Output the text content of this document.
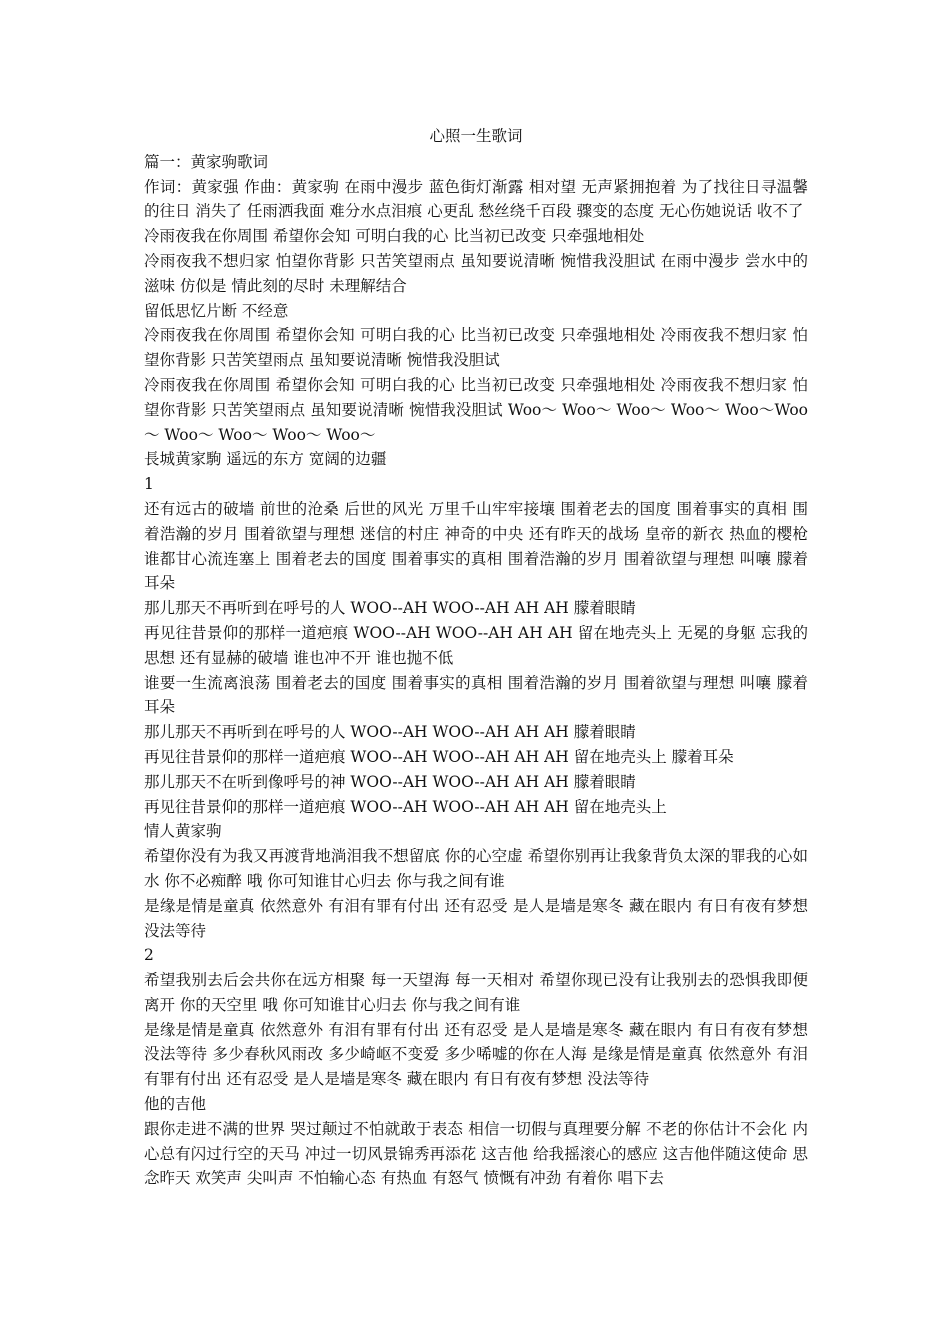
心照一生歌词

篇一：黄家驹歌词

作词：黄家强 作曲：黄家驹 在雨中漫步 蓝色街灯渐露 相对望 无声紧拥抱着 为了找往日寻温馨的往日 消失了 任雨洒我面 难分水点泪痕 心更乱 愁丝绕千百段 骤变的态度 无心伤她说话 收不了

冷雨夜我在你周围 希望你会知 可明白我的心 比当初已改变 只牵强地相处

冷雨夜我不想归家 怕望你背影 只苦笑望雨点 虽知要说清晰 惋惜我没胆试 在雨中漫步 尝水中的滋味 仿似是 情此刻的尽时 未理解结合

留低思忆片断 不经意

冷雨夜我在你周围 希望你会知 可明白我的心 比当初已改变 只牵强地相处 冷雨夜我不想归家 怕望你背影 只苦笑望雨点 虽知要说清晰 惋惜我没胆试

冷雨夜我在你周围 希望你会知 可明白我的心 比当初已改变 只牵强地相处 冷雨夜我不想归家 怕望你背影 只苦笑望雨点 虽知要说清晰 惋惜我没胆试 Woo～ Woo～ Woo～ Woo～ Woo～Woo～ Woo～ Woo～ Woo～ Woo～

長城黄家駒 遥远的东方 宽阔的边疆

1

还有远古的破墙 前世的沧桑 后世的风光 万里千山牢牢接壤 围着老去的国度 围着事实的真相 围着浩瀚的岁月 围着欲望与理想 迷信的村庄 神奇的中央 还有昨天的战场 皇帝的新衣 热血的樱枪 谁都甘心流连塞上 围着老去的国度 围着事实的真相 围着浩瀚的岁月 围着欲望与理想 叫嚷 朦着耳朵

那儿那天不再听到在呼号的人 WOO--AH WOO--AH AH AH 朦着眼睛

再见往昔景仰的那样一道疤痕 WOO--AH WOO--AH AH AH 留在地壳头上 无冕的身躯 忘我的思想 还有显赫的破墙 谁也冲不开 谁也抛不低

谁要一生流离浪荡 围着老去的国度 围着事实的真相 围着浩瀚的岁月 围着欲望与理想 叫嚷 朦着耳朵

那儿那天不再听到在呼号的人 WOO--AH WOO--AH AH AH 朦着眼睛

再见往昔景仰的那样一道疤痕 WOO--AH WOO--AH AH AH 留在地壳头上 朦着耳朵

那儿那天不在听到像呼号的神 WOO--AH WOO--AH AH AH 朦着眼睛

再见往昔景仰的那样一道疤痕 WOO--AH WOO--AH AH AH 留在地壳头上

情人黄家驹

希望你没有为我又再渡背地淌泪我不想留底 你的心空虚 希望你别再让我象背负太深的罪我的心如水 你不必痴醉 哦 你可知谁甘心归去 你与我之间有谁

是缘是情是童真 依然意外 有泪有罪有付出 还有忍受 是人是墙是寒冬 藏在眼内 有日有夜有梦想 没法等待

2

希望我别去后会共你在远方相聚 每一天望海 每一天相对 希望你现已没有让我别去的恐惧我即便离开 你的天空里 哦 你可知谁甘心归去 你与我之间有谁

是缘是情是童真 依然意外 有泪有罪有付出 还有忍受 是人是墙是寒冬 藏在眼内 有日有夜有梦想 没法等待 多少春秋风雨改 多少崎岖不变爱 多少唏嘘的你在人海 是缘是情是童真 依然意外 有泪有罪有付出 还有忍受 是人是墙是寒冬 藏在眼内 有日有夜有梦想 没法等待

他的吉他

跟你走进不满的世界 哭过颠过不怕就敢于表态 相信一切假与真理要分解 不老的你估计不会化 内心总有闪过行空的天马 冲过一切风景锦秀再添花 这吉他 给我摇滚心的感应 这吉他伴随这使命 思念昨天 欢笑声 尖叫声 不怕输心态 有热血 有怒气 愤慨有冲劲 有着你 唱下去
